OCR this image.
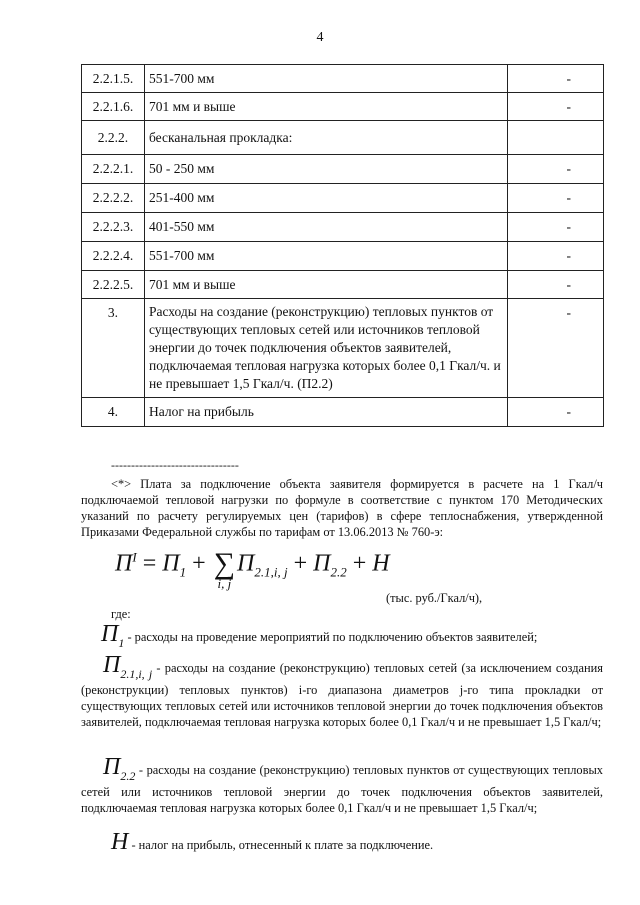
4
2.2.1.5.	551-700 мм	-
2.2.1.6.	701 мм и выше	-
2.2.2.	бесканальная прокладка:	
2.2.2.1.	50 - 250 мм	-
2.2.2.2.	251-400 мм	-
2.2.2.3.	401-550 мм	-
2.2.2.4.	551-700 мм	-
2.2.2.5.	701 мм и выше	-
3.	Расходы на создание (реконструкцию) тепловых пунктов от существующих тепловых сетей или источников тепловой энергии до точек подключения объектов заявителей, подключаемая тепловая нагрузка которых более 0,1 Гкал/ч. и не превышает 1,5 Гкал/ч. (П2.2)	-
4.	Налог на прибыль	-
--------------------------------
<*> Плата за подключение объекта заявителя формируется в расчете на 1 Гкал/ч подключаемой тепловой нагрузки по формуле в соответствие с пунктом 170 Методических указаний по расчету регулируемых цен (тарифов) в сфере теплоснабжения, утвержденной Приказами Федеральной службы по тарифам от 13.06.2013 № 760-э:
$П^I = П_1$ + ∑
i, j
$П_{2.1,i, j} + П_{2.2} + Н$
(тыс. руб./Гкал/ч),
где:
$П_1$ - расходы на проведение мероприятий по подключению объектов заявителей;
$П_{2.1,i, j}$ - расходы на создание (реконструкцию) тепловых сетей (за исключением создания (реконструкции) тепловых пунктов) i-го диапазона диаметров j-го типа прокладки от существующих тепловых сетей или источников тепловой энергии до точек подключения объектов заявителей, подключаемая тепловая нагрузка которых более 0,1 Гкал/ч и не превышает 1,5 Гкал/ч;
$П_{2.2}$ - расходы на создание (реконструкцию) тепловых пунктов от существующих тепловых сетей или источников тепловой энергии до точек подключения объектов заявителей, подключаемая тепловая нагрузка которых более 0,1 Гкал/ч и не превышает 1,5 Гкал/ч;
Н - налог на прибыль, отнесенный к плате за подключение.
